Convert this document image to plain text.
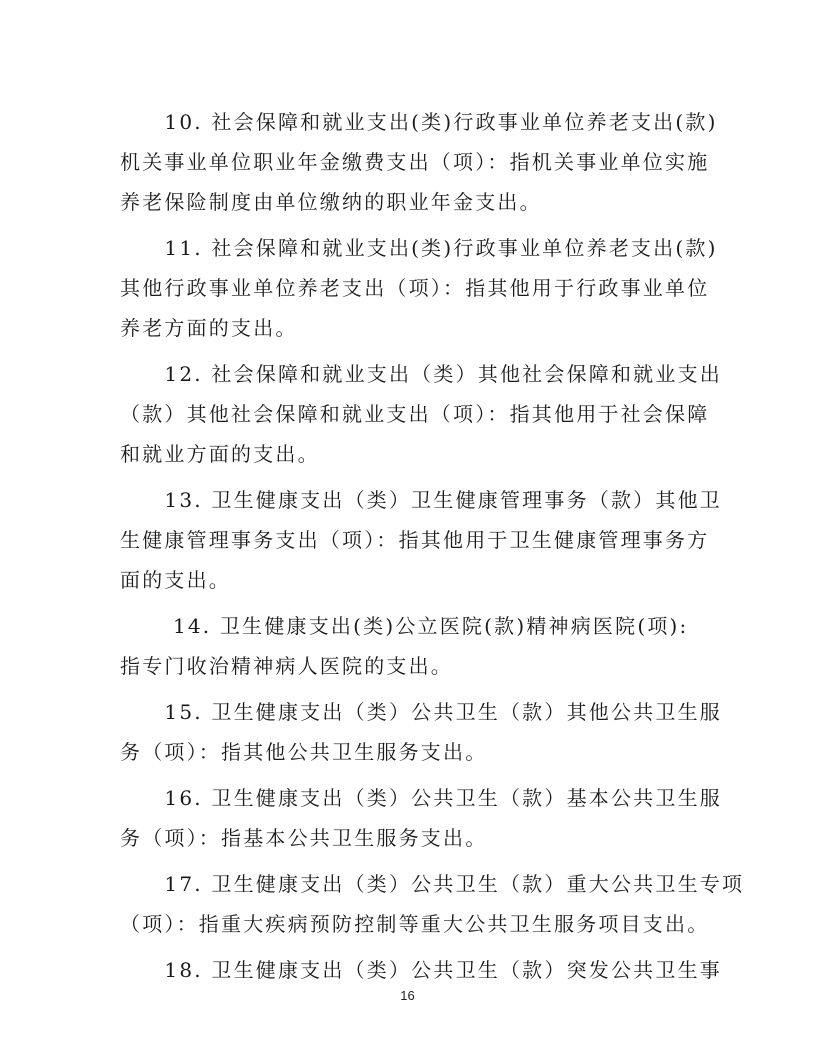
　　10. 社会保障和就业支出(类)行政事业单位养老支出(款)
机关事业单位职业年金缴费支出（项）：指机关事业单位实施
养老保险制度由单位缴纳的职业年金支出。

　　11. 社会保障和就业支出(类)行政事业单位养老支出(款)
其他行政事业单位养老支出（项）：指其他用于行政事业单位
养老方面的支出。

　　12. 社会保障和就业支出（类）其他社会保障和就业支出
（款）其他社会保障和就业支出（项）：指其他用于社会保障
和就业方面的支出。

　　13. 卫生健康支出（类）卫生健康管理事务（款）其他卫
生健康管理事务支出（项）：指其他用于卫生健康管理事务方
面的支出。

　　 14. 卫生健康支出(类)公立医院(款)精神病医院(项):
指专门收治精神病人医院的支出。

　　15. 卫生健康支出（类）公共卫生（款）其他公共卫生服
务（项）：指其他公共卫生服务支出。

　　16. 卫生健康支出（类）公共卫生（款）基本公共卫生服
务（项）：指基本公共卫生服务支出。

　　17. 卫生健康支出（类）公共卫生（款）重大公共卫生专项
（项）：指重大疾病预防控制等重大公共卫生服务项目支出。

　　18. 卫生健康支出（类）公共卫生（款）突发公共卫生事

16
